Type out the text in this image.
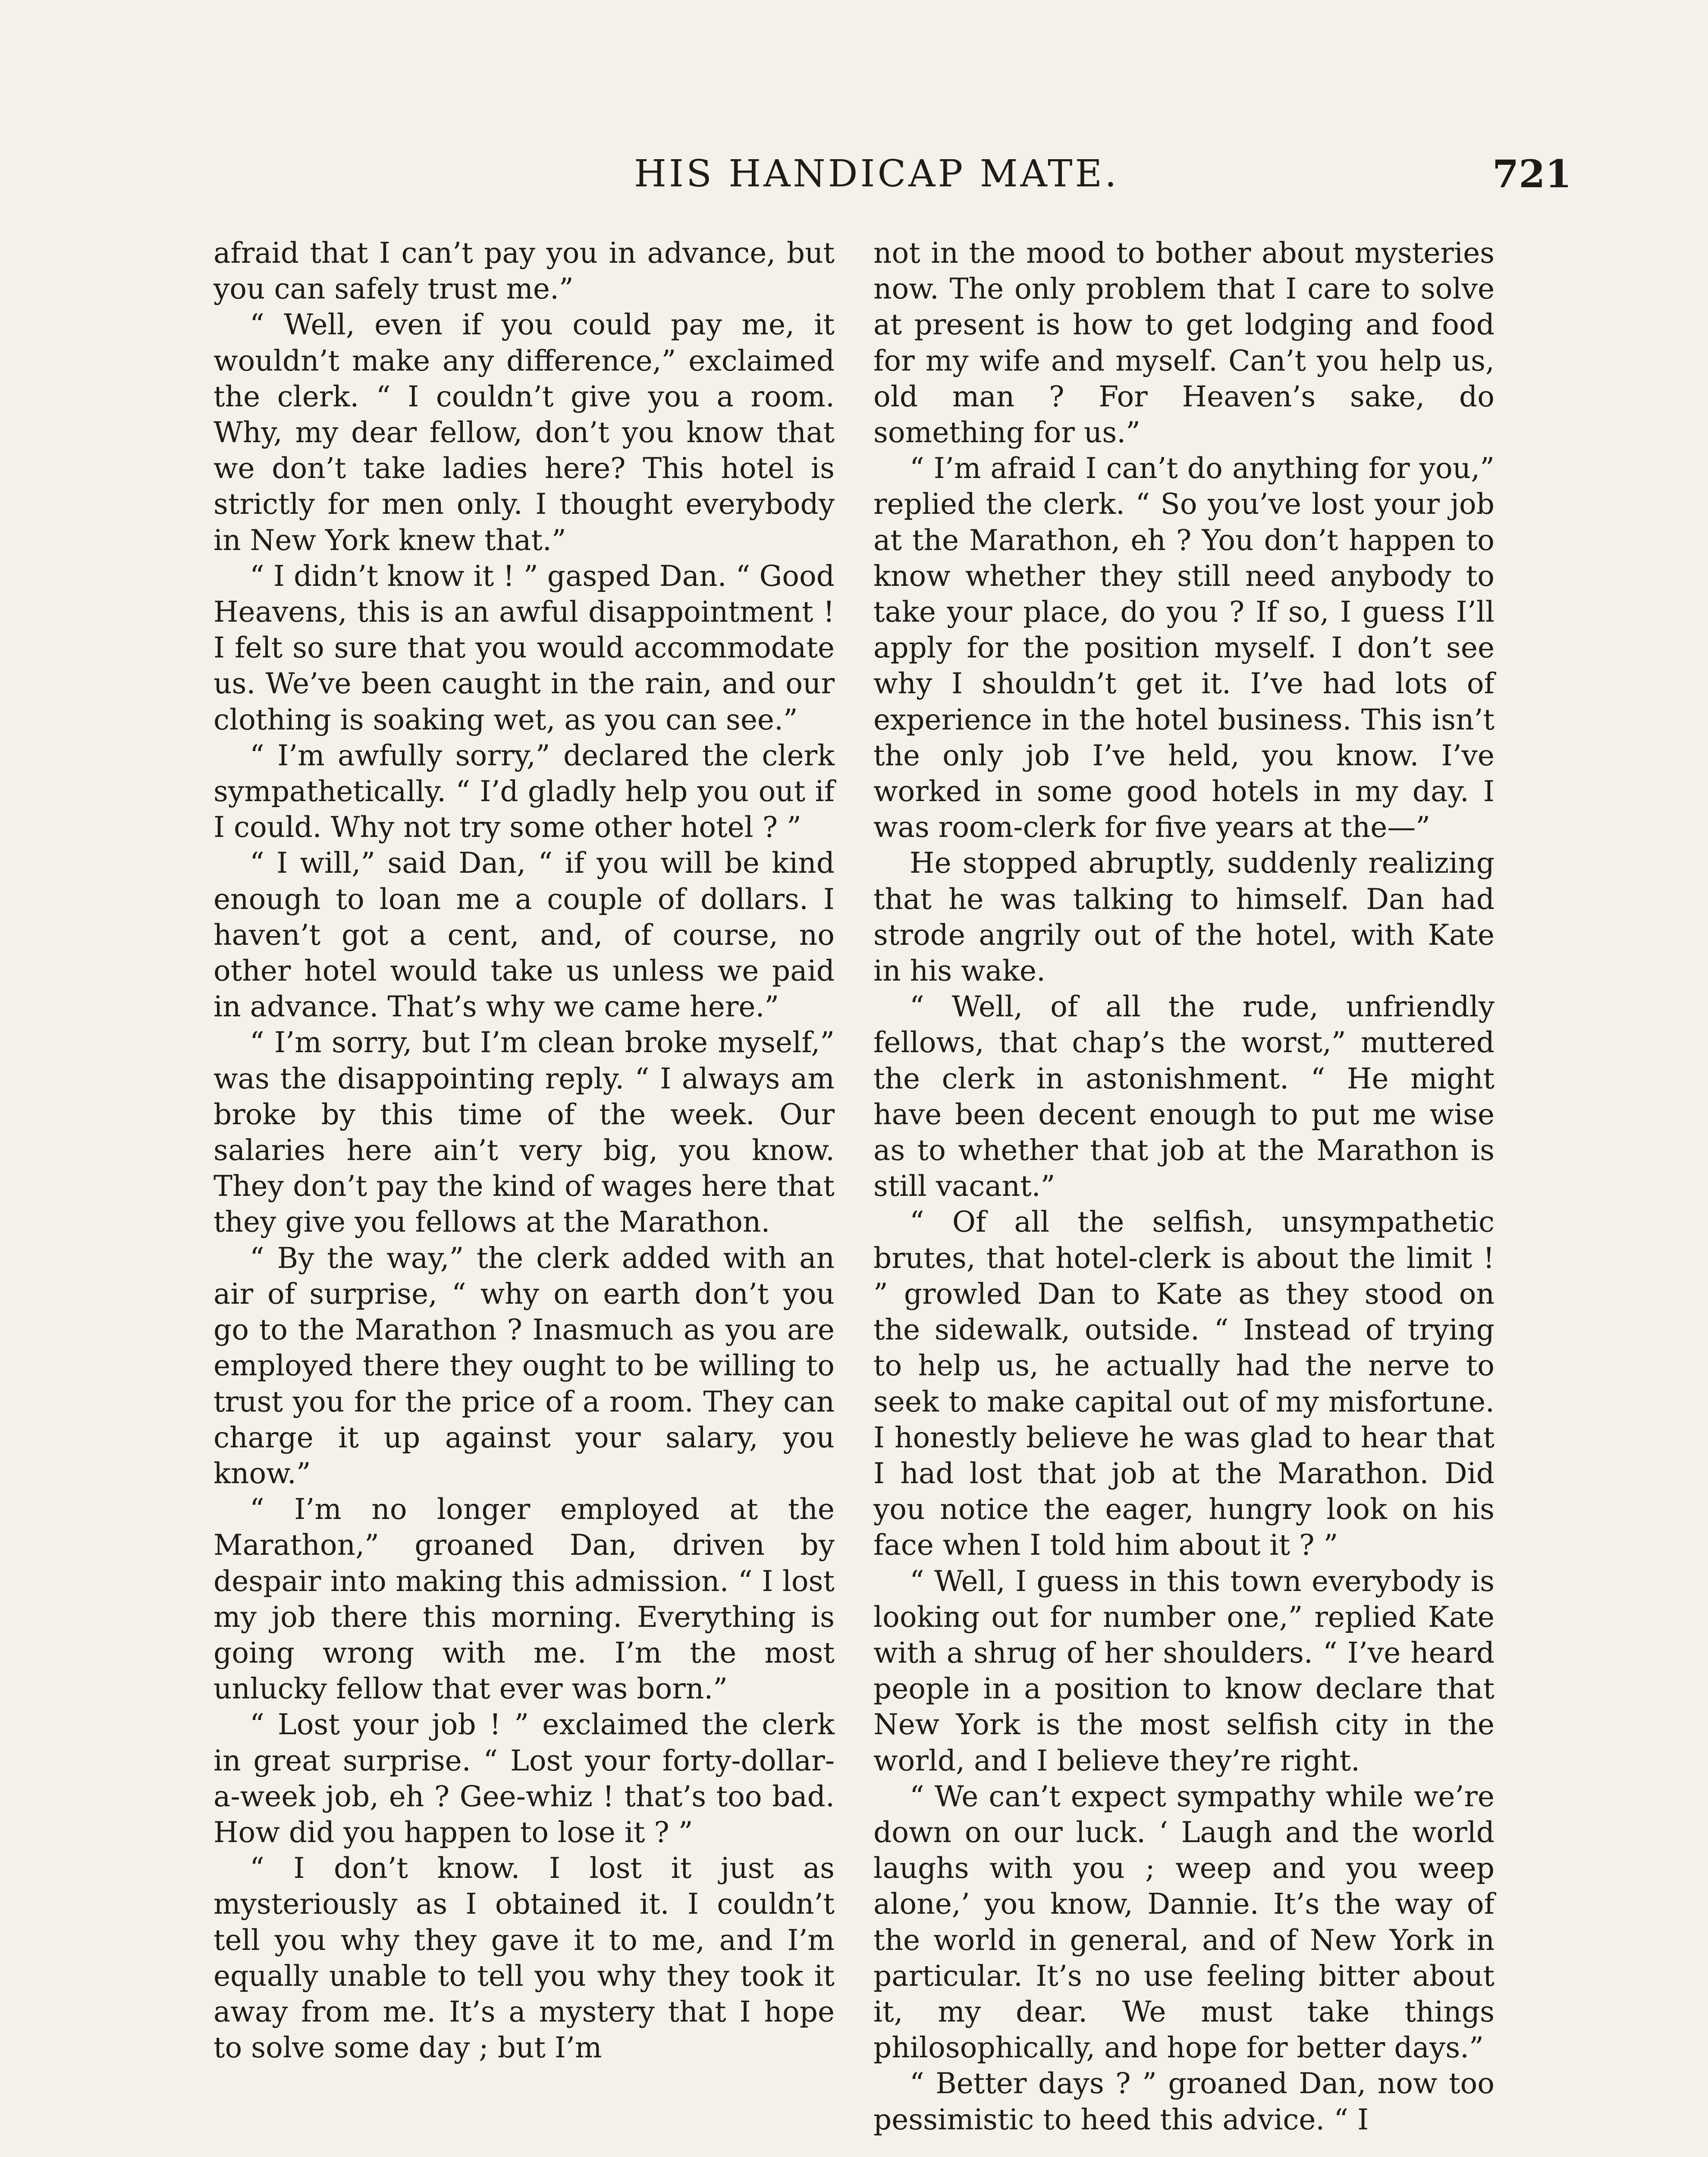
HIS HANDICAP MATE.	721

afraid that I can’t pay you in advance, but you can safely trust me.”

“ Well, even if you could pay me, it wouldn’t make any difference,” exclaimed the clerk. “ I couldn’t give you a room. Why, my dear fellow, don’t you know that we don’t take ladies here? This hotel is strictly for men only. I thought everybody in New York knew that.”

“ I didn’t know it ! ” gasped Dan. “ Good Heavens, this is an awful disappointment ! I felt so sure that you would accommodate us. We’ve been caught in the rain, and our clothing is soaking wet, as you can see.”

“ I’m awfully sorry,” declared the clerk sympathetically. “ I’d gladly help you out if I could. Why not try some other hotel ? ”

“ I will,” said Dan, “ if you will be kind enough to loan me a couple of dollars. I haven’t got a cent, and, of course, no other hotel would take us unless we paid in advance. That’s why we came here.”

“ I’m sorry, but I’m clean broke myself,” was the disappointing reply. “ I always am broke by this time of the week. Our salaries here ain’t very big, you know. They don’t pay the kind of wages here that they give you fellows at the Marathon.

“ By the way,” the clerk added with an air of surprise, “ why on earth don’t you go to the Marathon ? Inasmuch as you are employed there they ought to be willing to trust you for the price of a room. They can charge it up against your salary, you know.”

“ I’m no longer employed at the Marathon,” groaned Dan, driven by despair into making this admission. “ I lost my job there this morning. Everything is going wrong with me. I’m the most unlucky fellow that ever was born.”

“ Lost your job ! ” exclaimed the clerk in great surprise. “ Lost your forty-dollar-a-week job, eh ? Gee-whiz ! that’s too bad. How did you happen to lose it ? ”

“ I don’t know. I lost it just as mysteriously as I obtained it. I couldn’t tell you why they gave it to me, and I’m equally unable to tell you why they took it away from me. It’s a mystery that I hope to solve some day ; but I’m

not in the mood to bother about mysteries now. The only problem that I care to solve at present is how to get lodging and food for my wife and myself. Can’t you help us, old man ? For Heaven’s sake, do something for us.”

“ I’m afraid I can’t do anything for you,” replied the clerk. “ So you’ve lost your job at the Marathon, eh ? You don’t happen to know whether they still need anybody to take your place, do you ? If so, I guess I’ll apply for the position myself. I don’t see why I shouldn’t get it. I’ve had lots of experience in the hotel business. This isn’t the only job I’ve held, you know. I’ve worked in some good hotels in my day. I was room-clerk for five years at the—”

He stopped abruptly, suddenly realizing that he was talking to himself. Dan had strode angrily out of the hotel, with Kate in his wake.

“ Well, of all the rude, unfriendly fellows, that chap’s the worst,” muttered the clerk in astonishment. “ He might have been decent enough to put me wise as to whether that job at the Marathon is still vacant.”

“ Of all the selfish, unsympathetic brutes, that hotel-clerk is about the limit ! ” growled Dan to Kate as they stood on the sidewalk, outside. “ Instead of trying to help us, he actually had the nerve to seek to make capital out of my misfortune. I honestly believe he was glad to hear that I had lost that job at the Marathon. Did you notice the eager, hungry look on his face when I told him about it ? ”

“ Well, I guess in this town everybody is looking out for number one,” replied Kate with a shrug of her shoulders. “ I’ve heard people in a position to know declare that New York is the most selfish city in the world, and I believe they’re right.

“ We can’t expect sympathy while we’re down on our luck. ‘ Laugh and the world laughs with you ; weep and you weep alone,’ you know, Dannie. It’s the way of the world in general, and of New York in particular. It’s no use feeling bitter about it, my dear. We must take things philosophically, and hope for better days.”

“ Better days ? ” groaned Dan, now too pessimistic to heed this advice. “ I
